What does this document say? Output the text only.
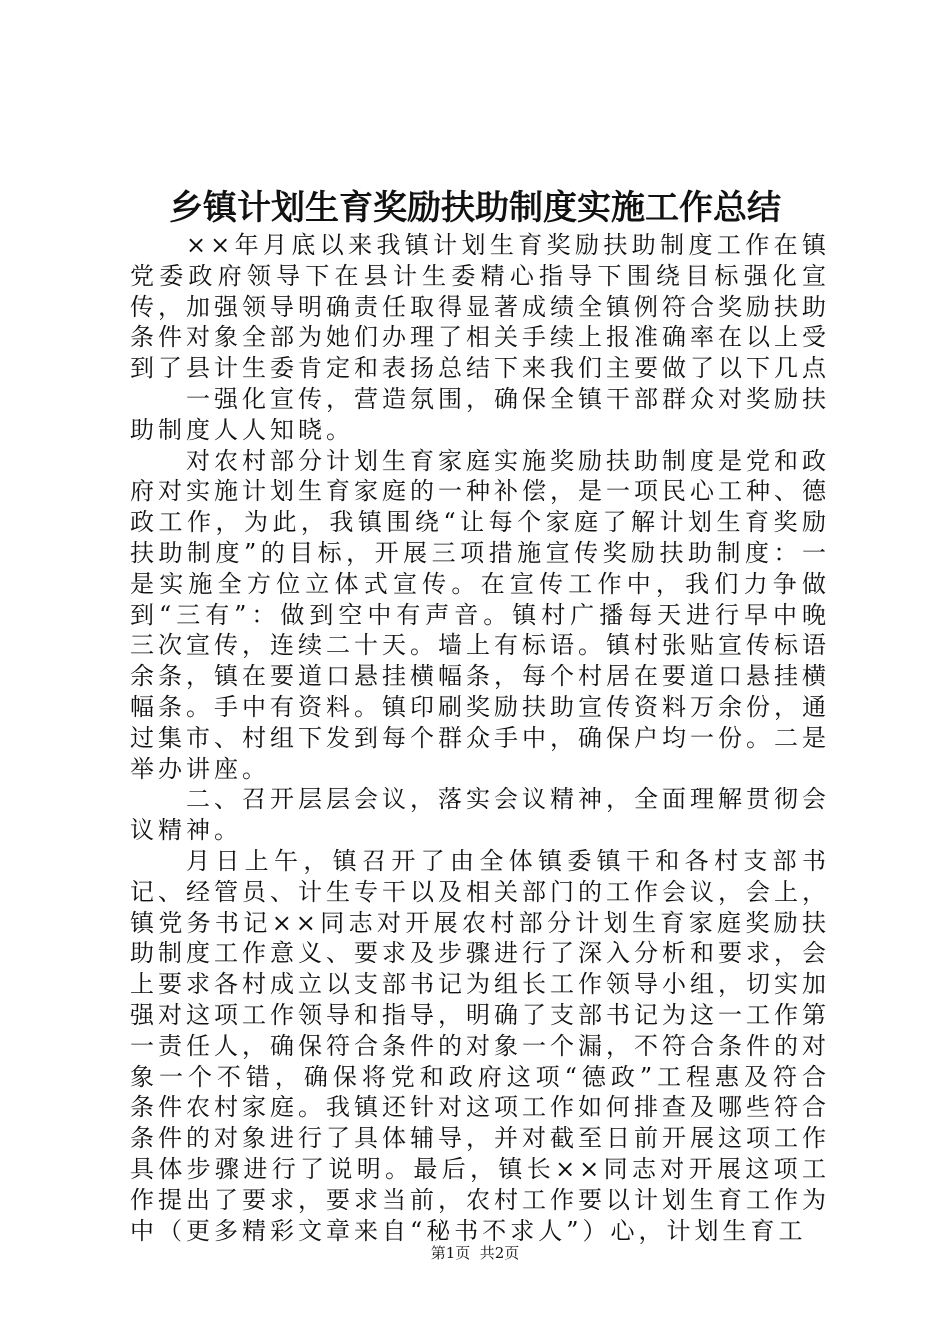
乡镇计划生育奖励扶助制度实施工作总结

××年月底以来我镇计划生育奖励扶助制度工作在镇党委政府领导下在县计生委精心指导下围绕目标强化宣传，加强领导明确责任取得显著成绩全镇例符合奖励扶助条件对象全部为她们办理了相关手续上报准确率在以上受到了县计生委肯定和表扬总结下来我们主要做了以下几点

一强化宣传，营造氛围，确保全镇干部群众对奖励扶助制度人人知晓。

对农村部分计划生育家庭实施奖励扶助制度是党和政府对实施计划生育家庭的一种补偿，是一项民心工种、德政工作，为此，我镇围绕“让每个家庭了解计划生育奖励扶助制度”的目标，开展三项措施宣传奖励扶助制度：一是实施全方位立体式宣传。在宣传工作中，我们力争做到“三有”：做到空中有声音。镇村广播每天进行早中晚三次宣传，连续二十天。墙上有标语。镇村张贴宣传标语余条，镇在要道口悬挂横幅条，每个村居在要道口悬挂横幅条。手中有资料。镇印刷奖励扶助宣传资料万余份，通过集市、村组下发到每个群众手中，确保户均一份。二是举办讲座。

二、召开层层会议，落实会议精神，全面理解贯彻会议精神。

月日上午，镇召开了由全体镇委镇干和各村支部书记、经管员、计生专干以及相关部门的工作会议，会上，镇党务书记××同志对开展农村部分计划生育家庭奖励扶助制度工作意义、要求及步骤进行了深入分析和要求，会上要求各村成立以支部书记为组长工作领导小组，切实加强对这项工作领导和指导，明确了支部书记为这一工作第一责任人，确保符合条件的对象一个漏，不符合条件的对象一个不错，确保将党和政府这项“德政”工程惠及符合条件农村家庭。我镇还针对这项工作如何排查及哪些符合条件的对象进行了具体辅导，并对截至日前开展这项工作具体步骤进行了说明。最后，镇长××同志对开展这项工作提出了要求，要求当前，农村工作要以计划生育工作为中（更多精彩文章来自“秘书不求人”）心，计划生育工

第1页  共2页
